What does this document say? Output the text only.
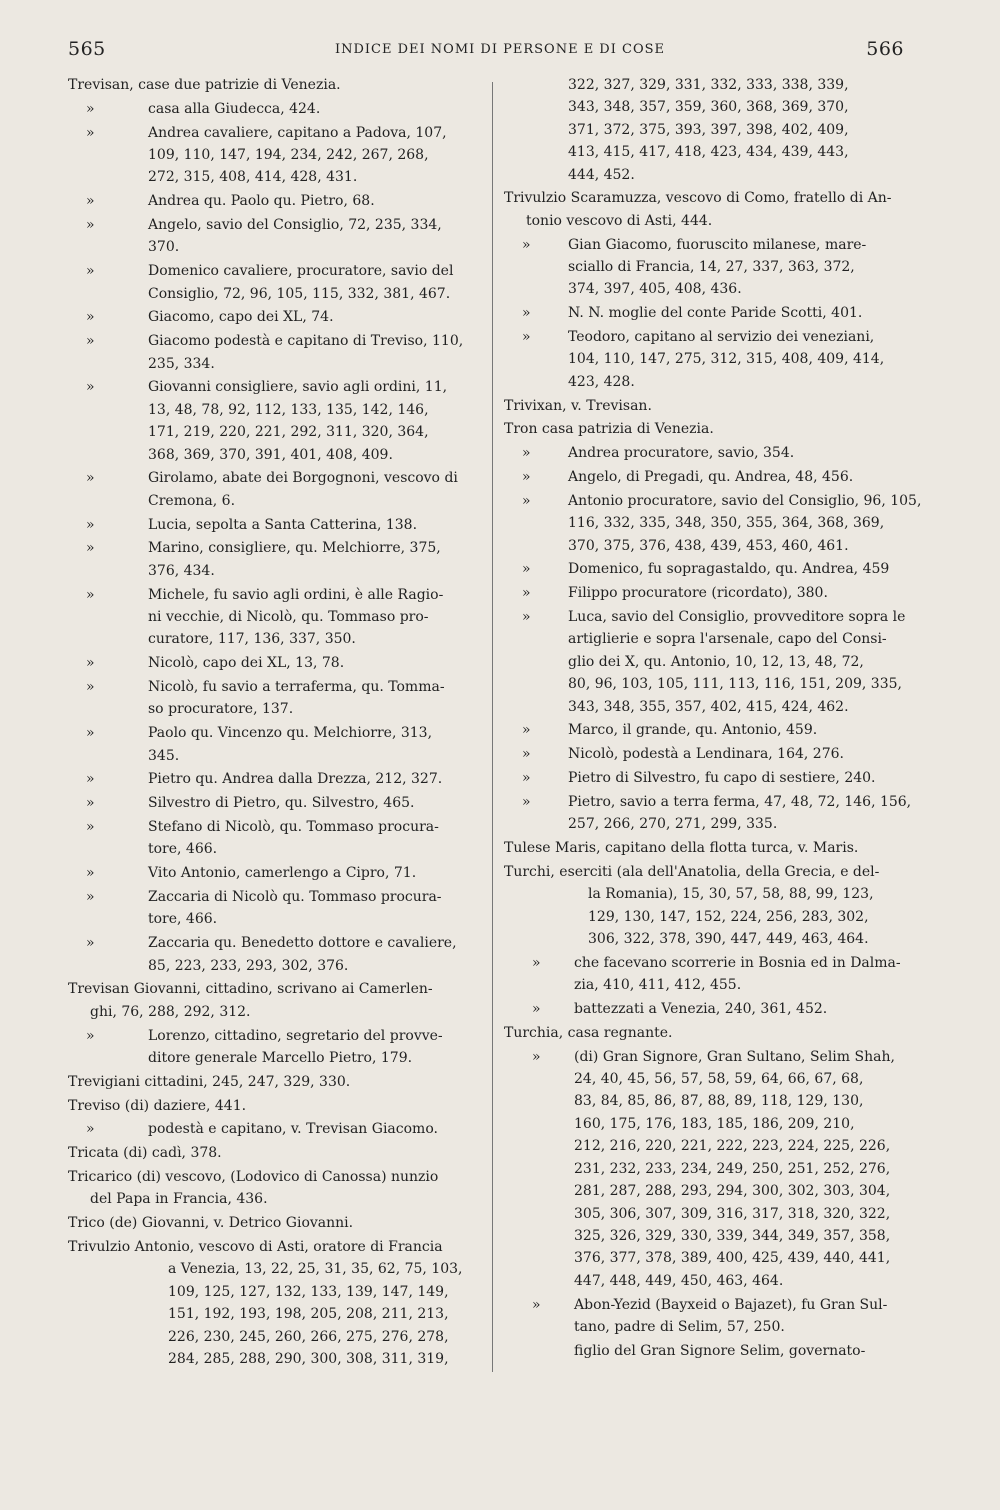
565	INDICE DEI NOMI DI PERSONE E DI COSE	566
Trevisan, case due patrizie di Venezia.
»	casa alla Giudecca, 424.
»	Andrea cavaliere, capitano a Padova, 107,
109, 110, 147, 194, 234, 242, 267, 268,
272, 315, 408, 414, 428, 431.
»	Andrea qu. Paolo qu. Pietro, 68.
»	Angelo, savio del Consiglio, 72, 235, 334,
370.
»	Domenico cavaliere, procuratore, savio del
Consiglio, 72, 96, 105, 115, 332, 381, 467.
»	Giacomo, capo dei XL, 74.
»	Giacomo podestà e capitano di Treviso, 110,
235, 334.
»	Giovanni consigliere, savio agli ordini, 11,
13, 48, 78, 92, 112, 133, 135, 142, 146,
171, 219, 220, 221, 292, 311, 320, 364,
368, 369, 370, 391, 401, 408, 409.
»	Girolamo, abate dei Borgognoni, vescovo di
Cremona, 6.
»	Lucia, sepolta a Santa Catterina, 138.
»	Marino, consigliere, qu. Melchiorre, 375,
376, 434.
»	Michele, fu savio agli ordini, è alle Ragio-
ni vecchie, di Nicolò, qu. Tommaso pro-
curatore, 117, 136, 337, 350.
»	Nicolò, capo dei XL, 13, 78.
»	Nicolò, fu savio a terraferma, qu. Tomma-
so procuratore, 137.
»	Paolo qu. Vincenzo qu. Melchiorre, 313,
345.
»	Pietro qu. Andrea dalla Drezza, 212, 327.
»	Silvestro di Pietro, qu. Silvestro, 465.
»	Stefano di Nicolò, qu. Tommaso procura-
tore, 466.
»	Vito Antonio, camerlengo a Cipro, 71.
»	Zaccaria di Nicolò qu. Tommaso procura-
tore, 466.
»	Zaccaria qu. Benedetto dottore e cavaliere,
85, 223, 233, 293, 302, 376.
Trevisan Giovanni, cittadino, scrivano ai Camerlen-
ghi, 76, 288, 292, 312.
»	Lorenzo, cittadino, segretario del provve-
ditore generale Marcello Pietro, 179.
Trevigiani cittadini, 245, 247, 329, 330.
Treviso (di) daziere, 441.
»	podestà e capitano, v. Trevisan Giacomo.
Tricata (di) cadì, 378.
Tricarico (di) vescovo, (Lodovico di Canossa) nunzio
del Papa in Francia, 436.
Trico (de) Giovanni, v. Detrico Giovanni.
Trivulzio Antonio, vescovo di Asti, oratore di Francia
a Venezia, 13, 22, 25, 31, 35, 62, 75, 103,
109, 125, 127, 132, 133, 139, 147, 149,
151, 192, 193, 198, 205, 208, 211, 213,
226, 230, 245, 260, 266, 275, 276, 278,
284, 285, 288, 290, 300, 308, 311, 319,
322, 327, 329, 331, 332, 333, 338, 339,
343, 348, 357, 359, 360, 368, 369, 370,
371, 372, 375, 393, 397, 398, 402, 409,
413, 415, 417, 418, 423, 434, 439, 443,
444, 452.
Trivulzio Scaramuzza, vescovo di Como, fratello di An-
tonio vescovo di Asti, 444.
»	Gian Giacomo, fuoruscito milanese, mare-
sciallo di Francia, 14, 27, 337, 363, 372,
374, 397, 405, 408, 436.
»	N. N. moglie del conte Paride Scotti, 401.
»	Teodoro, capitano al servizio dei veneziani,
104, 110, 147, 275, 312, 315, 408, 409, 414,
423, 428.
Trivixan, v. Trevisan.
Tron casa patrizia di Venezia.
»	Andrea procuratore, savio, 354.
»	Angelo, di Pregadi, qu. Andrea, 48, 456.
»	Antonio procuratore, savio del Consiglio, 96, 105,
116, 332, 335, 348, 350, 355, 364, 368, 369,
370, 375, 376, 438, 439, 453, 460, 461.
»	Domenico, fu sopragastaldo, qu. Andrea, 459
»	Filippo procuratore (ricordato), 380.
»	Luca, savio del Consiglio, provveditore sopra le
artiglierie e sopra l'arsenale, capo del Consi-
glio dei X, qu. Antonio, 10, 12, 13, 48, 72,
80, 96, 103, 105, 111, 113, 116, 151, 209, 335,
343, 348, 355, 357, 402, 415, 424, 462.
»	Marco, il grande, qu. Antonio, 459.
»	Nicolò, podestà a Lendinara, 164, 276.
»	Pietro di Silvestro, fu capo di sestiere, 240.
»	Pietro, savio a terra ferma, 47, 48, 72, 146, 156,
257, 266, 270, 271, 299, 335.
Tulese Maris, capitano della flotta turca, v. Maris.
Turchi, eserciti (ala dell'Anatolia, della Grecia, e del-
la Romania), 15, 30, 57, 58, 88, 99, 123,
129, 130, 147, 152, 224, 256, 283, 302,
306, 322, 378, 390, 447, 449, 463, 464.
» che facevano scorrerie in Bosnia ed in Dalma-
zia, 410, 411, 412, 455.
» battezzati a Venezia, 240, 361, 452.
Turchia, casa regnante.
» (di) Gran Signore, Gran Sultano, Selim Shah,
24, 40, 45, 56, 57, 58, 59, 64, 66, 67, 68,
83, 84, 85, 86, 87, 88, 89, 118, 129, 130,
160, 175, 176, 183, 185, 186, 209, 210,
212, 216, 220, 221, 222, 223, 224, 225, 226,
231, 232, 233, 234, 249, 250, 251, 252, 276,
281, 287, 288, 293, 294, 300, 302, 303, 304,
305, 306, 307, 309, 316, 317, 318, 320, 322,
325, 326, 329, 330, 339, 344, 349, 357, 358,
376, 377, 378, 389, 400, 425, 439, 440, 441,
447, 448, 449, 450, 463, 464.
» Abon-Yezid (Bayxeid o Bajazet), fu Gran Sul-
tano, padre di Selim, 57, 250.
figlio del Gran Signore Selim, governato-
